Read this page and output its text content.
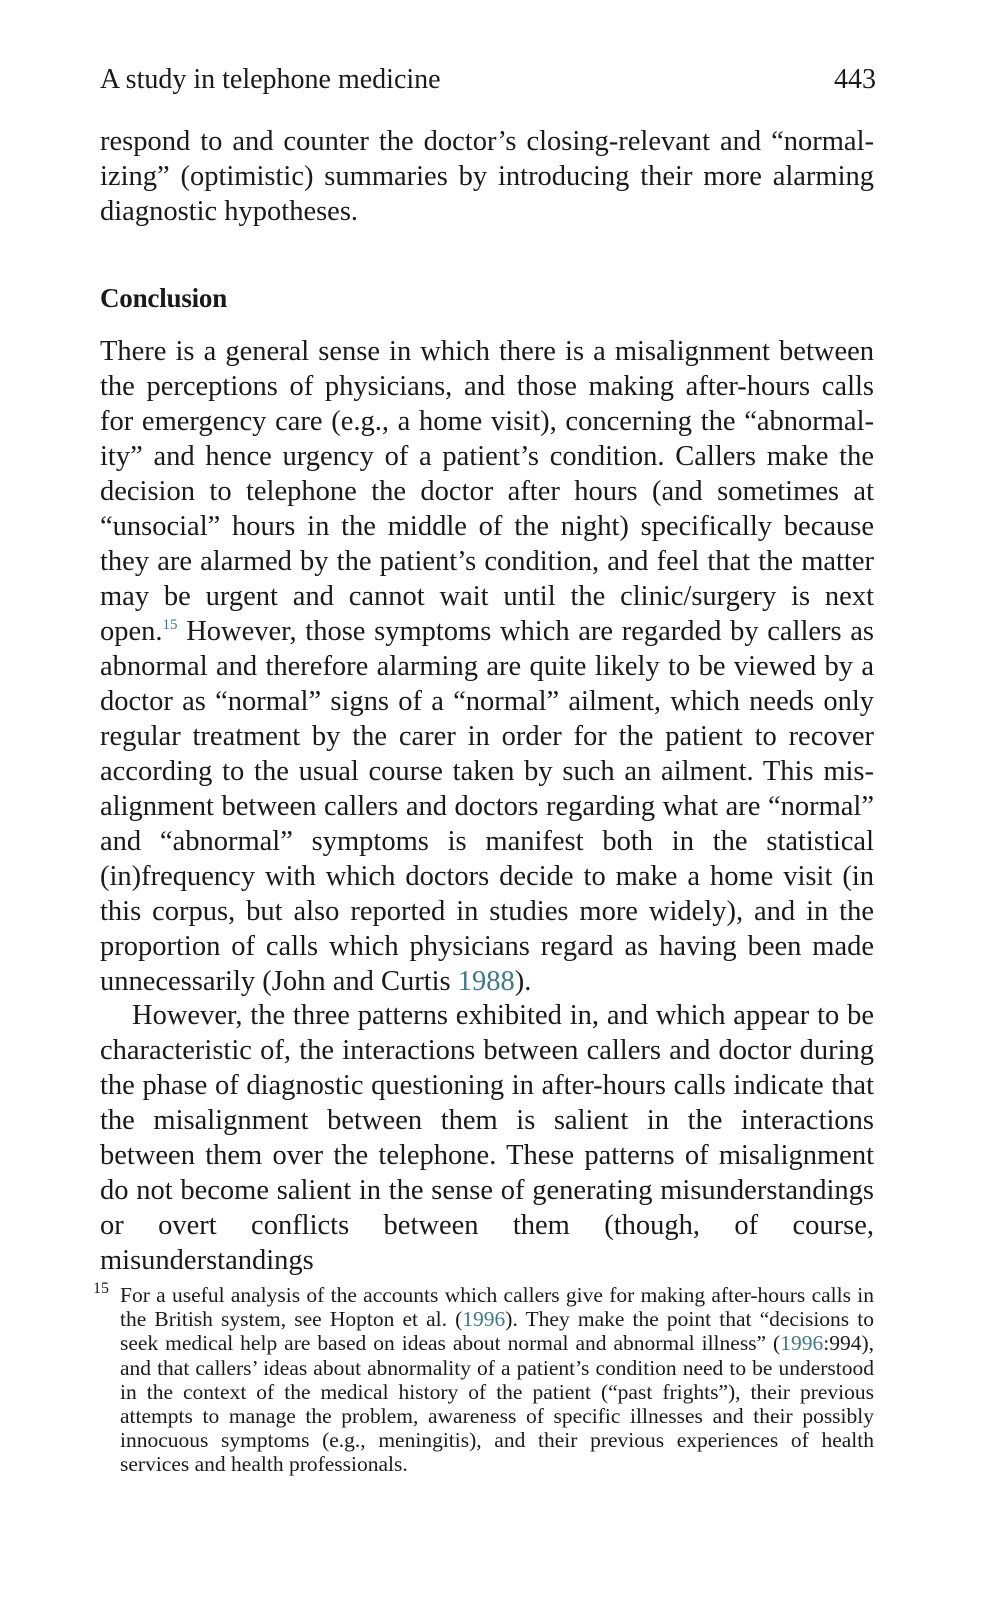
A study in telephone medicine	443

respond to and counter the doctor’s closing-relevant and “normalizing” (optimistic) summaries by introducing their more alarming diagnostic hypotheses.

Conclusion

There is a general sense in which there is a misalignment between the perceptions of physicians, and those making after-hours calls for emergency care (e.g., a home visit), concerning the “abnormality” and hence urgency of a patient’s condition. Callers make the decision to telephone the doctor after hours (and sometimes at “unsocial” hours in the middle of the night) specifically because they are alarmed by the patient’s condition, and feel that the matter may be urgent and cannot wait until the clinic/surgery is next open.$^{15}$ However, those symptoms which are regarded by callers as abnormal and therefore alarming are quite likely to be viewed by a doctor as “normal” signs of a “normal” ailment, which needs only regular treatment by the carer in order for the patient to recover according to the usual course taken by such an ailment. This misalignment between callers and doctors regarding what are “normal” and “abnormal” symptoms is manifest both in the statistical (in)frequency with which doctors decide to make a home visit (in this corpus, but also reported in studies more widely), and in the proportion of calls which physicians regard as having been made unnecessarily (John and Curtis 1988).

However, the three patterns exhibited in, and which appear to be characteristic of, the interactions between callers and doctor during the phase of diagnostic questioning in after-hours calls indicate that the misalignment between them is salient in the interactions between them over the telephone. These patterns of misalignment do not become salient in the sense of generating misunderstandings or overt conflicts between them (though, of course, misunderstandings

15 For a useful analysis of the accounts which callers give for making after-hours calls in the British system, see Hopton et al. (1996). They make the point that “decisions to seek medical help are based on ideas about normal and abnormal illness” (1996:994), and that callers’ ideas about abnormality of a patient’s condition need to be understood in the context of the medical history of the patient (“past frights”), their previous attempts to manage the problem, awareness of specific illnesses and their possibly innocuous symptoms (e.g., meningitis), and their previous experiences of health services and health professionals.
